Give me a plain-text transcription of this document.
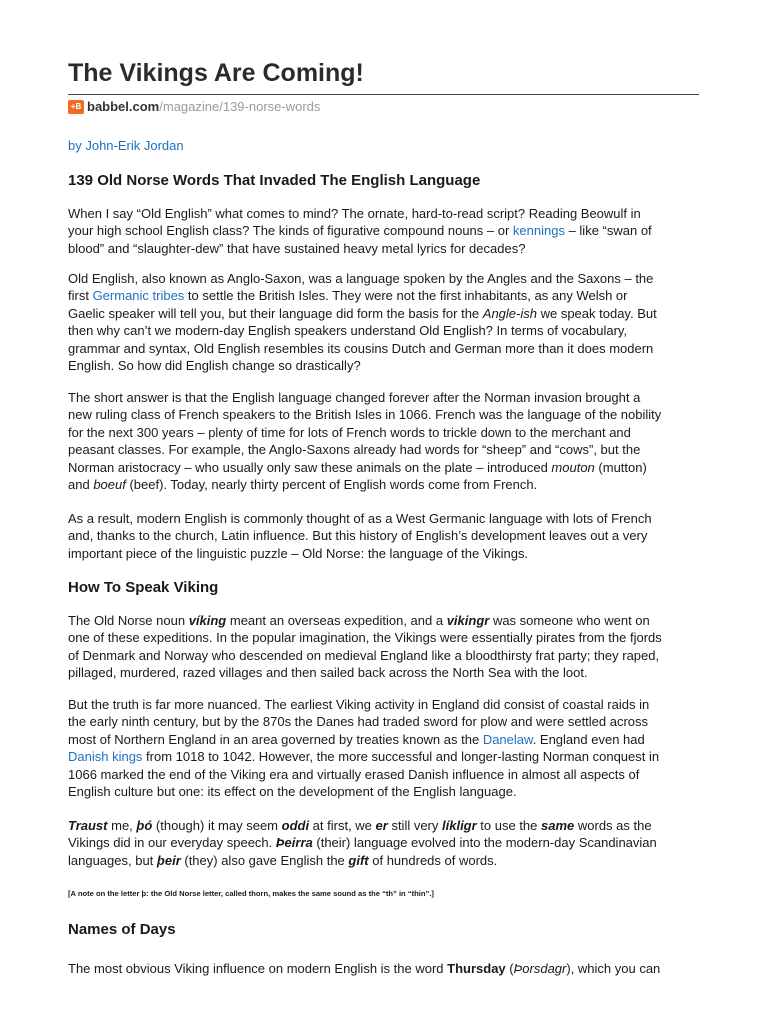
The Vikings Are Coming!
+B babbel.com /magazine/139-norse-words
by John-Erik Jordan
139 Old Norse Words That Invaded The English Language

When I say “Old English” what comes to mind? The ornate, hard-to-read script? Reading Beowulf in
your high school English class? The kinds of figurative compound nouns – or kennings – like “swan of
blood” and “slaughter-dew” that have sustained heavy metal lyrics for decades?

Old English, also known as Anglo-Saxon, was a language spoken by the Angles and the Saxons – the
first Germanic tribes to settle the British Isles. They were not the first inhabitants, as any Welsh or
Gaelic speaker will tell you, but their language did form the basis for the Angle-ish we speak today. But
then why can’t we modern-day English speakers understand Old English? In terms of vocabulary,
grammar and syntax, Old English resembles its cousins Dutch and German more than it does modern
English. So how did English change so drastically?

The short answer is that the English language changed forever after the Norman invasion brought a
new ruling class of French speakers to the British Isles in 1066. French was the language of the nobility
for the next 300 years – plenty of time for lots of French words to trickle down to the merchant and
peasant classes. For example, the Anglo-Saxons already had words for “sheep” and “cows”, but the
Norman aristocracy – who usually only saw these animals on the plate – introduced mouton (mutton)
and boeuf (beef). Today, nearly thirty percent of English words come from French.

As a result, modern English is commonly thought of as a West Germanic language with lots of French
and, thanks to the church, Latin influence. But this history of English’s development leaves out a very
important piece of the linguistic puzzle – Old Norse: the language of the Vikings.

How To Speak Viking

The Old Norse noun víking meant an overseas expedition, and a vikingr was someone who went on
one of these expeditions. In the popular imagination, the Vikings were essentially pirates from the fjords
of Denmark and Norway who descended on medieval England like a bloodthirsty frat party; they raped,
pillaged, murdered, razed villages and then sailed back across the North Sea with the loot.

But the truth is far more nuanced. The earliest Viking activity in England did consist of coastal raids in
the early ninth century, but by the 870s the Danes had traded sword for plow and were settled across
most of Northern England in an area governed by treaties known as the Danelaw. England even had
Danish kings from 1018 to 1042. However, the more successful and longer-lasting Norman conquest in
1066 marked the end of the Viking era and virtually erased Danish influence in almost all aspects of
English culture but one: its effect on the development of the English language.

Traust me, þó (though) it may seem oddi at first, we er still very líkligr to use the same words as the
Vikings did in our everyday speech. Þeirra (their) language evolved into the modern-day Scandinavian
languages, but þeir (they) also gave English the gift of hundreds of words.

[A note on the letter þ: the Old Norse letter, called thorn, makes the same sound as the “th” in “thin”.]

Names of Days

The most obvious Viking influence on modern English is the word Thursday (Þorsdagr), which you can
